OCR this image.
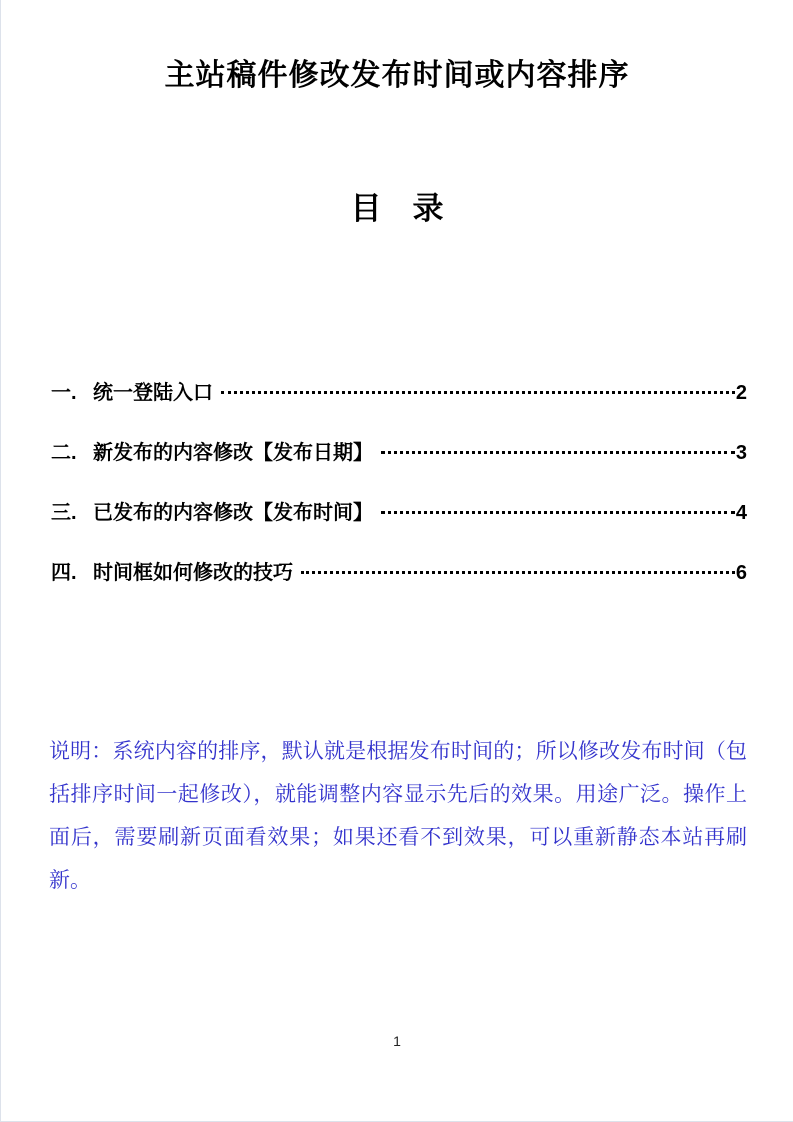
主站稿件修改发布时间或内容排序
目　录
一. 统一登陆入口	2
二. 新发布的内容修改【发布日期】	3
三. 已发布的内容修改【发布时间】	4
四. 时间框如何修改的技巧	6
说明：系统内容的排序，默认就是根据发布时间的；所以修改发布时间（包括排序时间一起修改），就能调整内容显示先后的效果。用途广泛。操作上面后，需要刷新页面看效果；如果还看不到效果，可以重新静态本站再刷新。
1
